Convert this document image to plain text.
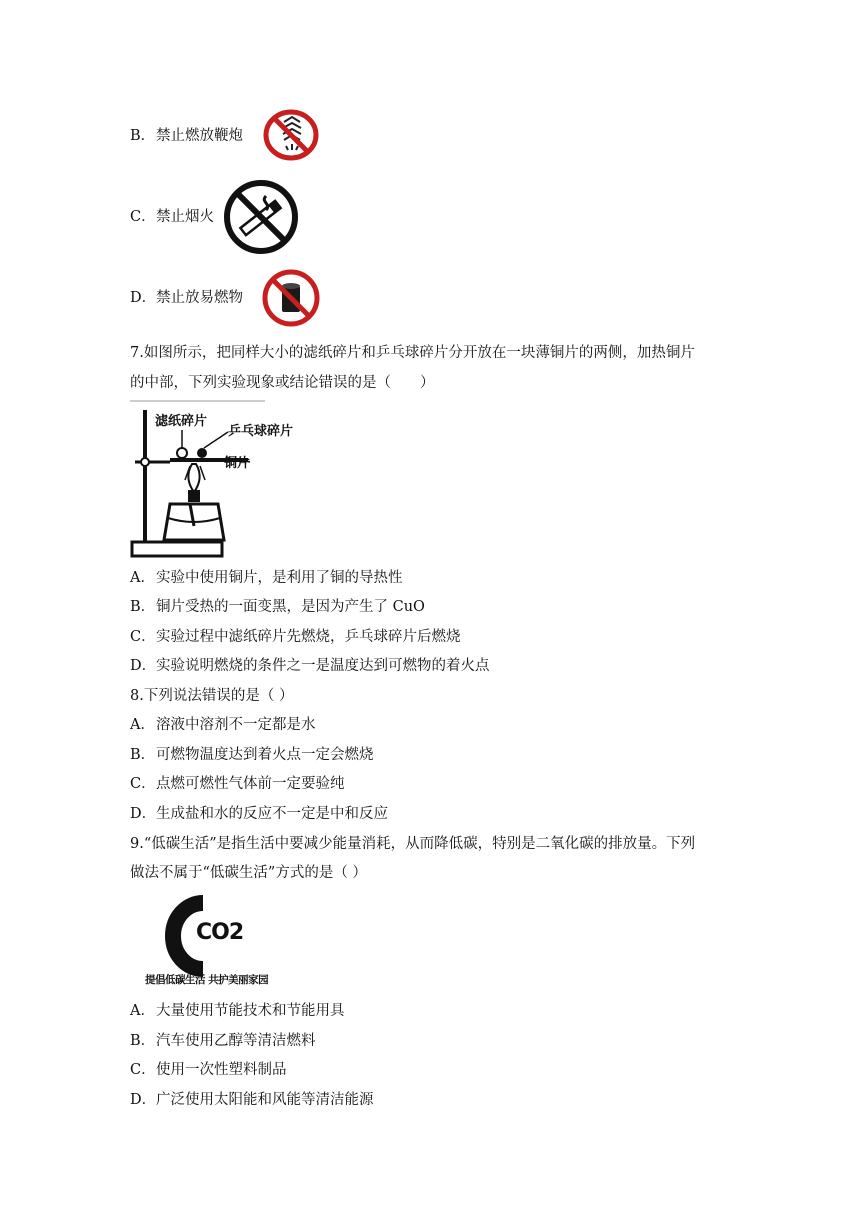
B．禁止燃放鞭炮
C．禁止烟火
D．禁止放易燃物
7.如图所示，把同样大小的滤纸碎片和乒乓球碎片分开放在一块薄铜片的两侧，加热铜片
的中部，下列实验现象或结论错误的是（　　）
滤纸碎片
乒乓球碎片
铜片
A．实验中使用铜片，是利用了铜的导热性
B．铜片受热的一面变黑，是因为产生了 CuO
C．实验过程中滤纸碎片先燃烧，乒乓球碎片后燃烧
D．实验说明燃烧的条件之一是温度达到可燃物的着火点
8.下列说法错误的是（ ）
A．溶液中溶剂不一定都是水
B．可燃物温度达到着火点一定会燃烧
C．点燃可燃性气体前一定要验纯
D．生成盐和水的反应不一定是中和反应
9.“低碳生活”是指生活中要减少能量消耗，从而降低碳，特别是二氧化碳的排放量。下列
做法不属于“低碳生活”方式的是（ ）
CO2
提倡低碳生活 共护美丽家园
A．大量使用节能技术和节能用具
B．汽车使用乙醇等清洁燃料
C．使用一次性塑料制品
D．广泛使用太阳能和风能等清洁能源
